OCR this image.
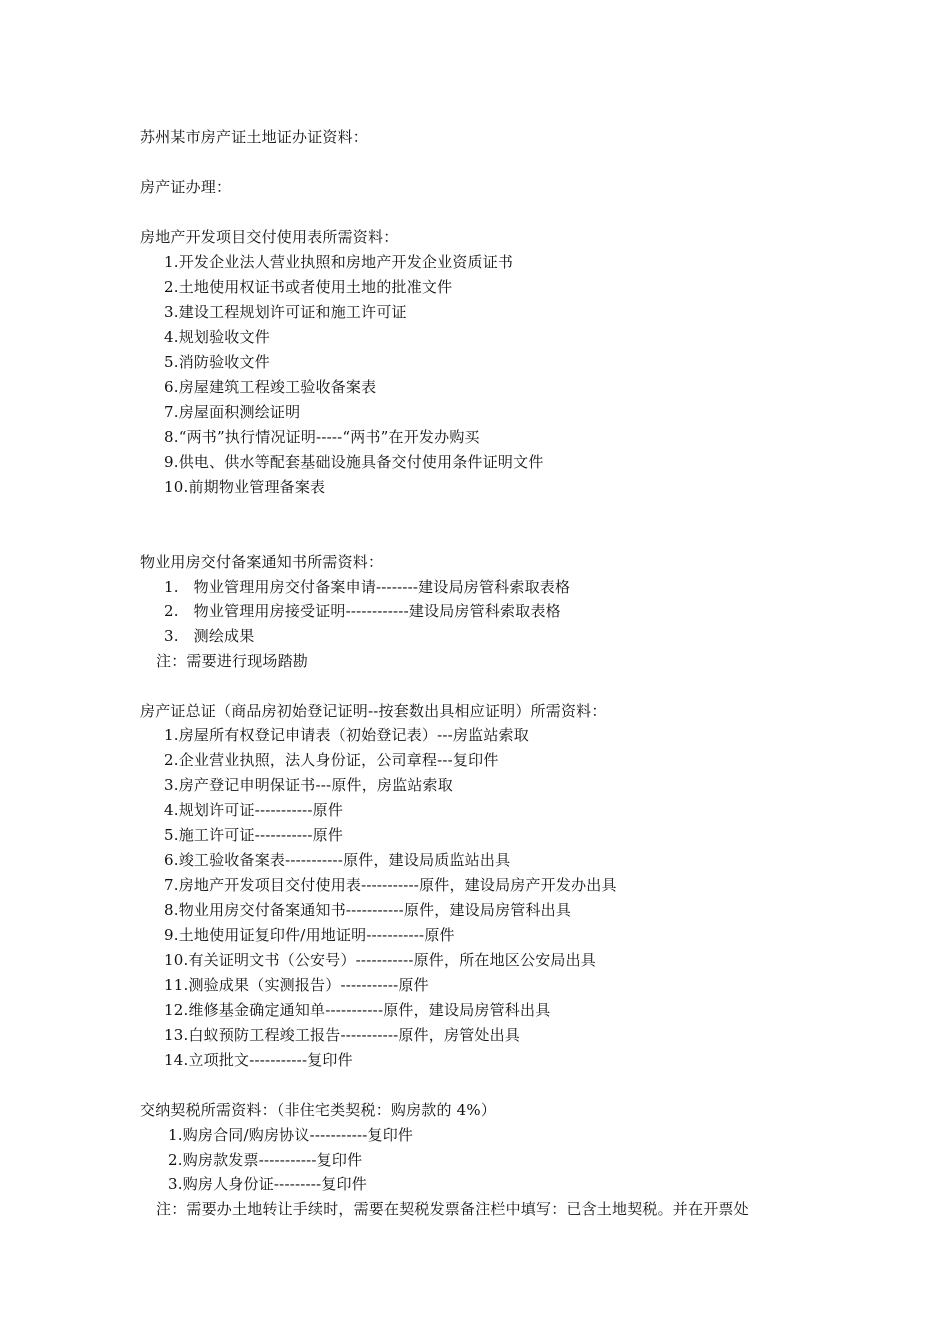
苏州某市房产证土地证办证资料：
房产证办理：
房地产开发项目交付使用表所需资料：
1.开发企业法人营业执照和房地产开发企业资质证书
2.土地使用权证书或者使用土地的批准文件
3.建设工程规划许可证和施工许可证
4.规划验收文件
5.消防验收文件
6.房屋建筑工程竣工验收备案表
7.房屋面积测绘证明
8.“两书”执行情况证明-----“两书”在开发办购买
9.供电、供水等配套基础设施具备交付使用条件证明文件
10.前期物业管理备案表
物业用房交付备案通知书所需资料：
1.   物业管理用房交付备案申请--------建设局房管科索取表格
2.   物业管理用房接受证明------------建设局房管科索取表格
3.   测绘成果
注：需要进行现场踏勘
房产证总证（商品房初始登记证明--按套数出具相应证明）所需资料：
1.房屋所有权登记申请表（初始登记表）---房监站索取
2.企业营业执照，法人身份证，公司章程---复印件
3.房产登记申明保证书---原件，房监站索取
4.规划许可证-----------原件
5.施工许可证-----------原件
6.竣工验收备案表-----------原件，建设局质监站出具
7.房地产开发项目交付使用表-----------原件，建设局房产开发办出具
8.物业用房交付备案通知书-----------原件，建设局房管科出具
9.土地使用证复印件/用地证明-----------原件
10.有关证明文书（公安号）-----------原件，所在地区公安局出具
11.测验成果（实测报告）-----------原件
12.维修基金确定通知单-----------原件，建设局房管科出具
13.白蚁预防工程竣工报告-----------原件，房管处出具
14.立项批文-----------复印件
交纳契税所需资料：（非住宅类契税：购房款的 4%）
1.购房合同/购房协议-----------复印件
2.购房款发票-----------复印件
3.购房人身份证---------复印件
注：需要办土地转让手续时，需要在契税发票备注栏中填写：已含土地契税。并在开票处
